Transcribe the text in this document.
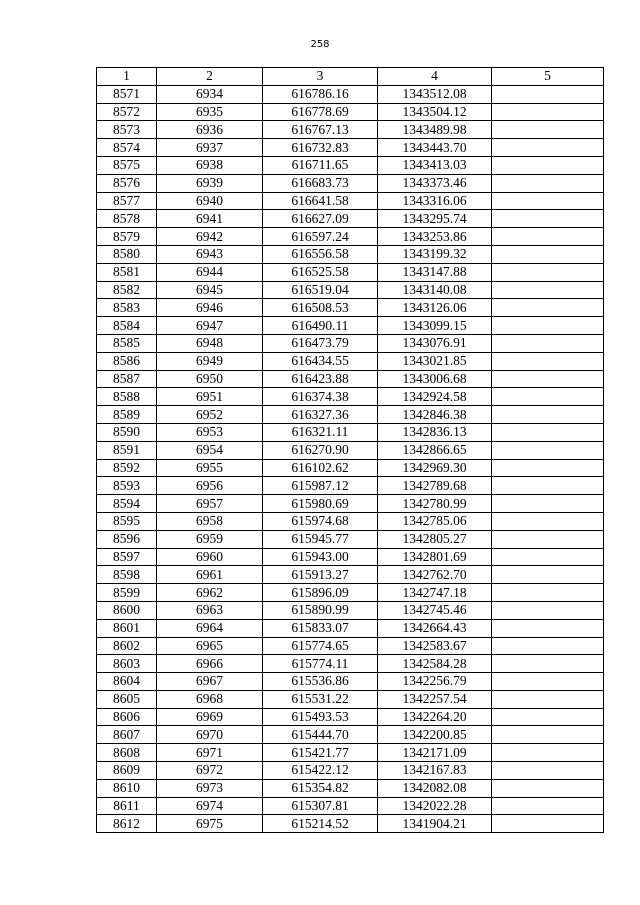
258
1	2	3	4	5
8571	6934	616786.16	1343512.08	
8572	6935	616778.69	1343504.12	
8573	6936	616767.13	1343489.98	
8574	6937	616732.83	1343443.70	
8575	6938	616711.65	1343413.03	
8576	6939	616683.73	1343373.46	
8577	6940	616641.58	1343316.06	
8578	6941	616627.09	1343295.74	
8579	6942	616597.24	1343253.86	
8580	6943	616556.58	1343199.32	
8581	6944	616525.58	1343147.88	
8582	6945	616519.04	1343140.08	
8583	6946	616508.53	1343126.06	
8584	6947	616490.11	1343099.15	
8585	6948	616473.79	1343076.91	
8586	6949	616434.55	1343021.85	
8587	6950	616423.88	1343006.68	
8588	6951	616374.38	1342924.58	
8589	6952	616327.36	1342846.38	
8590	6953	616321.11	1342836.13	
8591	6954	616270.90	1342866.65	
8592	6955	616102.62	1342969.30	
8593	6956	615987.12	1342789.68	
8594	6957	615980.69	1342780.99	
8595	6958	615974.68	1342785.06	
8596	6959	615945.77	1342805.27	
8597	6960	615943.00	1342801.69	
8598	6961	615913.27	1342762.70	
8599	6962	615896.09	1342747.18	
8600	6963	615890.99	1342745.46	
8601	6964	615833.07	1342664.43	
8602	6965	615774.65	1342583.67	
8603	6966	615774.11	1342584.28	
8604	6967	615536.86	1342256.79	
8605	6968	615531.22	1342257.54	
8606	6969	615493.53	1342264.20	
8607	6970	615444.70	1342200.85	
8608	6971	615421.77	1342171.09	
8609	6972	615422.12	1342167.83	
8610	6973	615354.82	1342082.08	
8611	6974	615307.81	1342022.28	
8612	6975	615214.52	1341904.21	
